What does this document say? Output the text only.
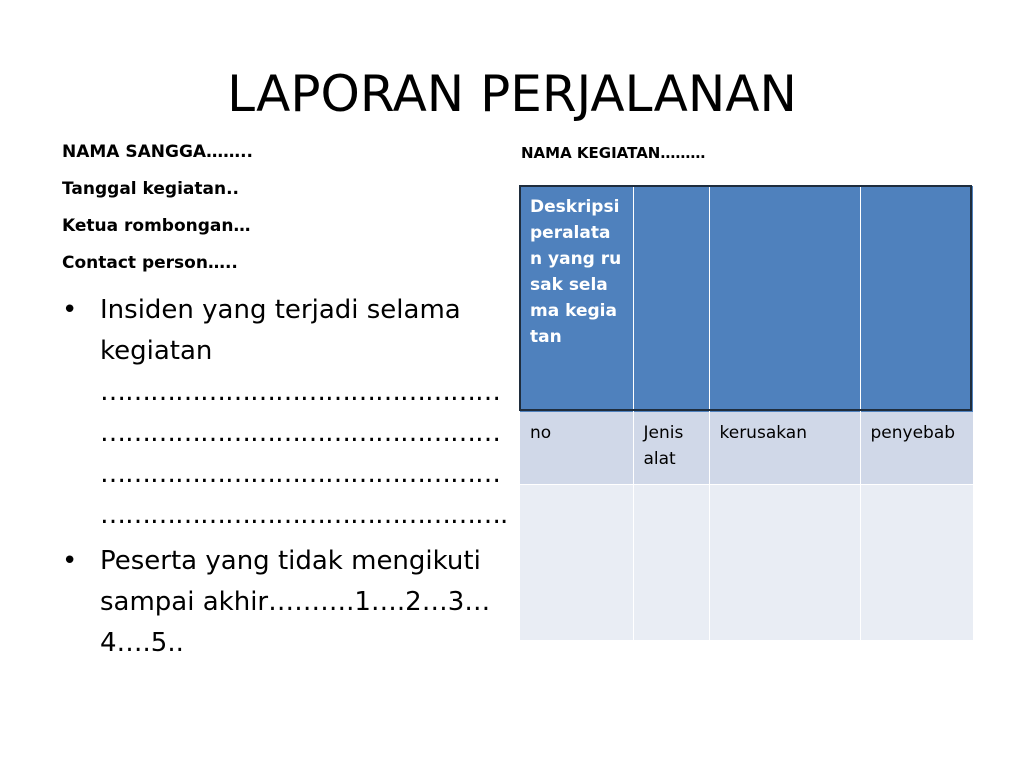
LAPORAN PERJALANAN
NAMA SANGGA……..
Tanggal kegiatan..
Ketua rombongan…
Contact person…..
NAMA KEGIATAN………
• Insiden yang terjadi selama kegiatan
…………………………………………
…………………………………………
…………………………………………
………………………………………….
• Peserta yang tidak mengikuti sampai akhir……….1….2…3…4….5..
Deskripsi peralatan yang rusak selama kegiatan			
no	Jenis alat	kerusakan	penyebab
